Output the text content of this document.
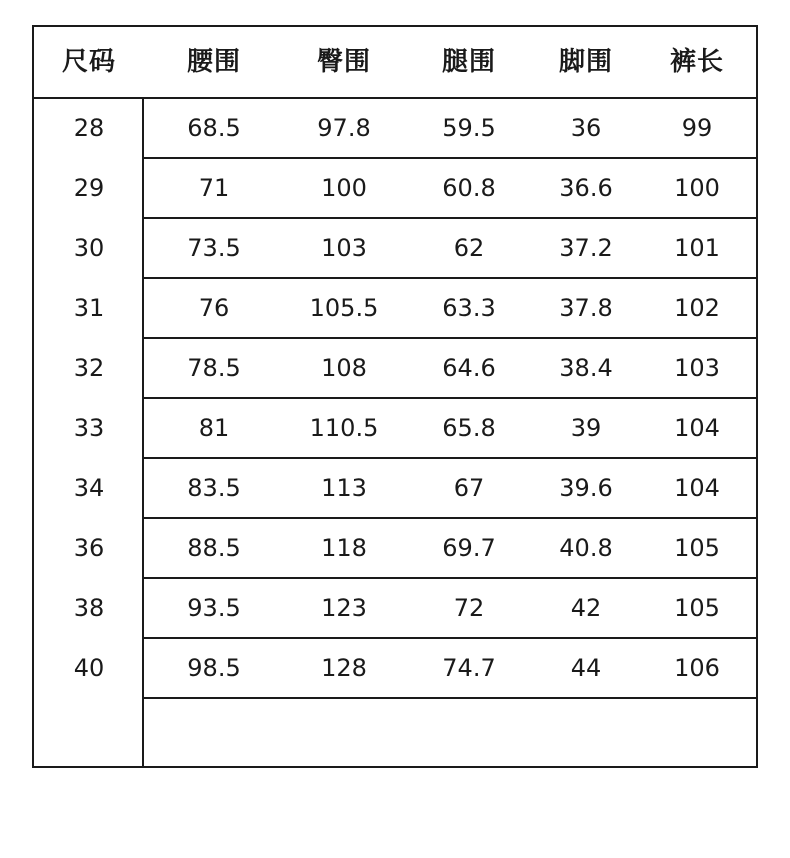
尺码	腰围	臀围	腿围	脚围	裤长
28	68.5	97.8	59.5	36	99
29	71	100	60.8	36.6	100
30	73.5	103	62	37.2	101
31	76	105.5	63.3	37.8	102
32	78.5	108	64.6	38.4	103
33	81	110.5	65.8	39	104
34	83.5	113	67	39.6	104
36	88.5	118	69.7	40.8	105
38	93.5	123	72	42	105
40	98.5	128	74.7	44	106
